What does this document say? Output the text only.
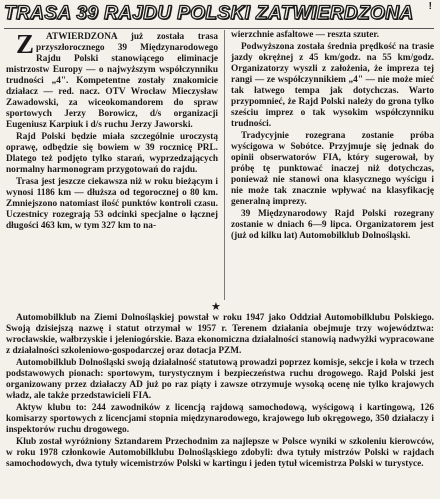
TRASA 39 RAJDU POLSKI ZATWIERDZONA	!

Z ATWIERDZONA już została trasa przyszłorocznego 39 Międzynarodowego Rajdu Polski stanowiącego eliminacje mistrzostw Europy — o najwyższym współczynniku trudności „4". Kompetentne zostały znakomicie działacz — red. nacz. OTV Wrocław Mieczysław Zawadowski, za wiceokomandorem do spraw sportowych Jerzy Borowicz, d/s organizacji Eugeniusz Karpiuk i d/s ruchu Jerzy Jaworski.

Rajd Polski będzie miała szczególnie uroczystą oprawę, odbędzie się bowiem w 39 rocznicę PRL. Dlatego też podjęto tylko starań, wyprzedzających normalny harmonogram przygotowań do rajdu.

Trasa jest jeszcze ciekawsza niż w roku bieżącym i wynosi 1186 km — dłuższa od tegorocznej o 80 km. Zmniejszono natomiast ilość punktów kontroli czasu. Uczestnicy rozegrają 53 odcinki specjalne o łącznej długości 463 km, w tym 327 km to na-

wierzchnie asfaltowe — reszta szuter.

Podwyższona została średnia prędkość na trasie jazdy okrężnej z 45 km/godz. na 55 km/godz. Organizatorzy wyszli z założenia, że impreza tej rangi — ze współczynnikiem „4" — nie może mieć tak łatwego tempa jak dotychczas. Warto przypomnieć, że Rajd Polski należy do grona tylko sześciu imprez o tak wysokim współczynniku trudności.

Tradycyjnie rozegrana zostanie próba wyścigowa w Sobótce. Przyjmuje się jednak do opinii obserwatorów FIA, który sugerował, by próbę tę punktować inaczej niż dotychczas, ponieważ nie stanowi ona klasycznego wyścigu i nie może tak znacznie wpływać na klasyfikację generalną imprezy.

39 Międzynarodowy Rajd Polski rozegrany zostanie w dniach 6—9 lipca. Organizatorem jest (już od kilku lat) Automobilklub Dolnośląski.

★

Automobilklub na Ziemi Dolnośląskiej powstał w roku 1947 jako Oddział Automobilklubu Polskiego. Swoją dzisiejszą nazwę i statut otrzymał w 1957 r. Terenem działania obejmuje trzy województwa: wrocławskie, wałbrzyskie i jeleniogórskie. Baza ekonomiczna działalności stanowią nadwyżki wypracowane z działalności szkoleniowo-gospodarczej oraz dotacja PZM.

Automobilklub Dolnośląski swoją działalność statutową prowadzi poprzez komisje, sekcje i koła w trzech podstawowych pionach: sportowym, turystycznym i bezpieczeństwa ruchu drogowego. Rajd Polski jest organizowany przez działaczy AD już po raz piąty i zawsze otrzymuje wysoką ocenę nie tylko krajowych władz, ale także przedstawicieli FIA.

Aktyw klubu to: 244 zawodników z licencją rajdową samochodową, wyścigową i kartingową, 126 komisarzy sportowych z licencjami stopnia międzynarodowego, krajowego lub okręgowego, 350 działaczy i inspektorów ruchu drogowego.

Klub został wyróżniony Sztandarem Przechodnim za najlepsze w Polsce wyniki w szkoleniu kierowców, w roku 1978 członkowie Automobilklubu Dolnośląskiego zdobyli: dwa tytuły mistrzów Polski w rajdach samochodowych, dwa tytuły wicemistrzów Polski w kartingu i jeden tytuł wicemistrza Polski w turystyce.
